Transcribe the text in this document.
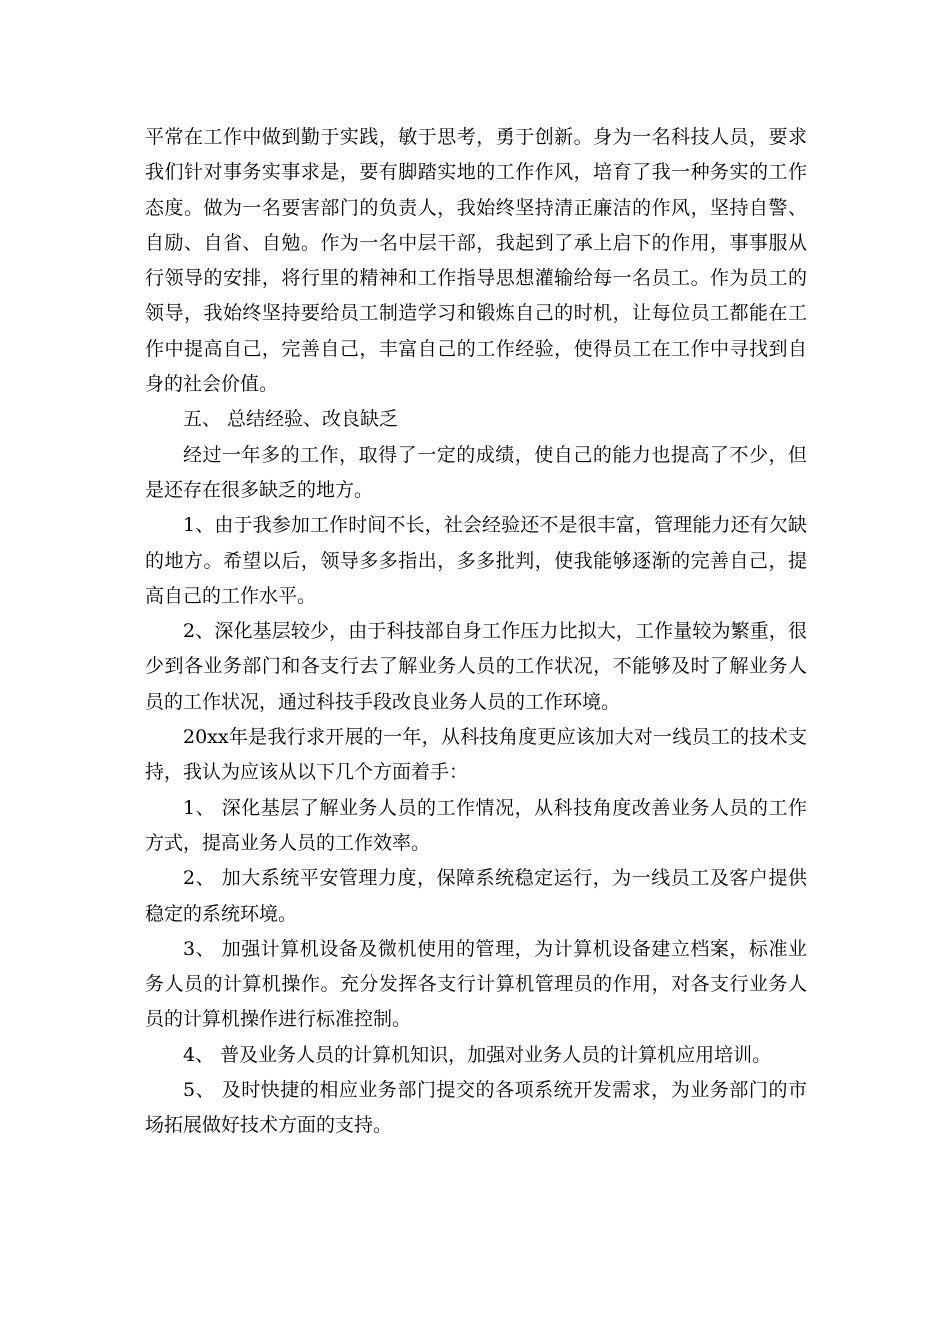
平常在工作中做到勤于实践，敏于思考，勇于创新。身为一名科技人员，要求我们针对事务实事求是，要有脚踏实地的工作作风，培育了我一种务实的工作态度。做为一名要害部门的负责人，我始终坚持清正廉洁的作风，坚持自警、自励、自省、自勉。作为一名中层干部，我起到了承上启下的作用，事事服从行领导的安排，将行里的精神和工作指导思想灌输给每一名员工。作为员工的领导，我始终坚持要给员工制造学习和锻炼自己的时机，让每位员工都能在工作中提高自己，完善自己，丰富自己的工作经验，使得员工在工作中寻找到自身的社会价值。

五、 总结经验、改良缺乏

经过一年多的工作，取得了一定的成绩，使自己的能力也提高了不少，但是还存在很多缺乏的地方。

1、由于我参加工作时间不长，社会经验还不是很丰富，管理能力还有欠缺的地方。希望以后，领导多多指出，多多批判，使我能够逐渐的完善自己，提高自己的工作水平。

2、深化基层较少，由于科技部自身工作压力比拟大，工作量较为繁重，很少到各业务部门和各支行去了解业务人员的工作状况，不能够及时了解业务人员的工作状况，通过科技手段改良业务人员的工作环境。

20xx年是我行求开展的一年，从科技角度更应该加大对一线员工的技术支持，我认为应该从以下几个方面着手：

1、 深化基层了解业务人员的工作情况，从科技角度改善业务人员的工作方式，提高业务人员的工作效率。

2、 加大系统平安管理力度，保障系统稳定运行，为一线员工及客户提供稳定的系统环境。

3、 加强计算机设备及微机使用的管理，为计算机设备建立档案，标准业务人员的计算机操作。充分发挥各支行计算机管理员的作用，对各支行业务人员的计算机操作进行标准控制。

4、 普及业务人员的计算机知识，加强对业务人员的计算机应用培训。

5、 及时快捷的相应业务部门提交的各项系统开发需求，为业务部门的市场拓展做好技术方面的支持。
